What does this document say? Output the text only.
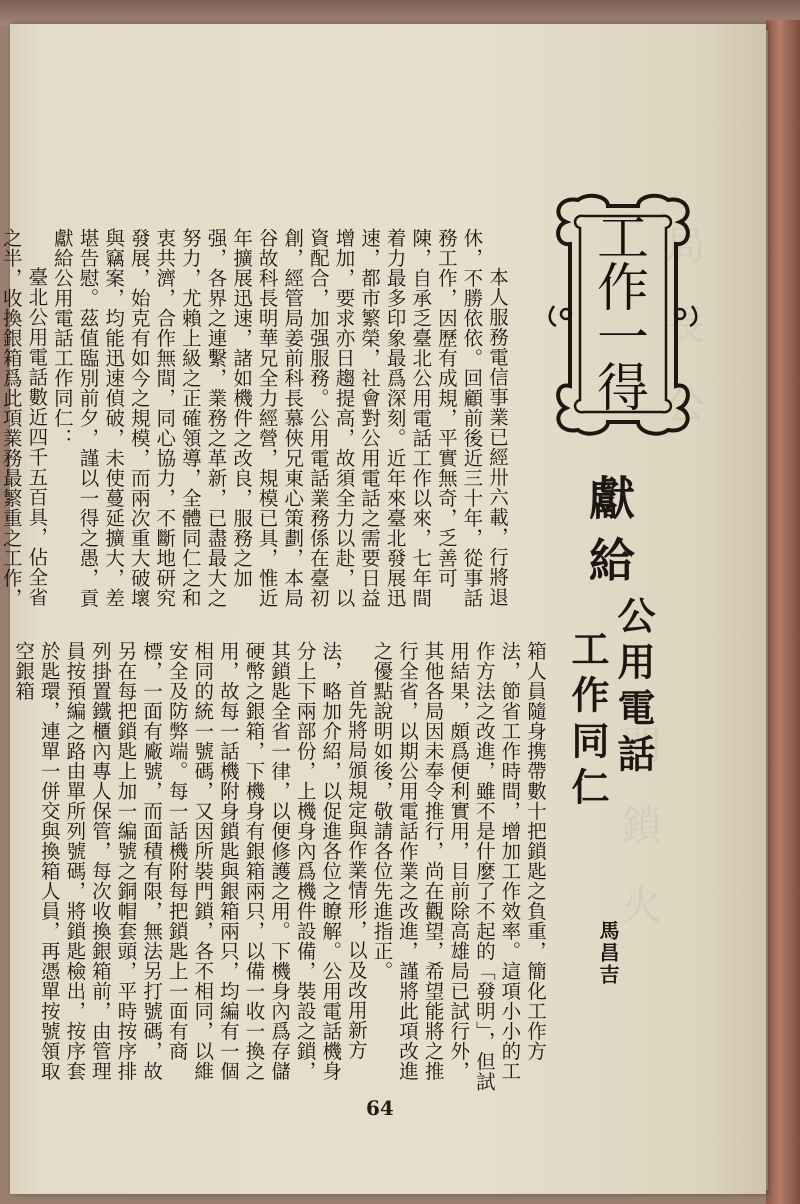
局　長　公
門　鎖　火
工
作
一
得
獻給
公用電話
工作同仁
馬昌吉
本人服務電信事業已經卅六載，行將退休，不勝依依。回顧前後近三十年，從事話務工作，因歷有成規，平實無奇，乏善可陳，自承乏臺北公用電話工作以來，七年間着力最多印象最爲深刻。近年來臺北發展迅速，都市繁榮，社會對公用電話之需要日益增加，要求亦日趨提高，故須全力以赴，以資配合，加强服務。公用電話業務係在臺初創，經管局姜前科長慕俠兄東心策劃，本局谷故科長明華兄全力經營，規模已具，惟近年擴展迅速，諸如機件之改良，服務之加强，各界之連繫，業務之革新，已盡最大之努力，尤賴上級之正確領導，全體同仁之和衷共濟，合作無間，同心協力，不斷地研究發展，始克有如今之規模，而兩次重大破壞與竊案，均能迅速偵破，未使蔓延擴大，差堪告慰。茲值臨別前夕，謹以一得之愚，貢獻給公用電話工作同仁：
臺北公用電話數近四千五百具，佔全省之半，收換銀箱爲此項業務最繁重之工作，
箱人員隨身携帶數十把鎖匙之負重，簡化工作方法，節省工作時間，增加工作效率。這項小小的工作方法之改進，雖不是什麼了不起的「發明」，但試用結果，頗爲便利實用，目前除高雄局已試行外，其他各局因未奉令推行，尚在觀望，希望能將之推行全省，以期公用電話作業之改進，謹將此項改進之優點說明如後，敬請各位先進指正。
首先將局頒規定與作業情形，以及改用新方法，略加介紹，以促進各位之瞭解。公用電話機身分上下兩部份，上機身內爲機件設備，裝設之鎖，其鎖匙全省一律，以便修護之用。下機身內爲存儲硬幣之銀箱，下機身有銀箱兩只，以備一收一換之用，故每一話機附身鎖匙與銀箱兩只，均編有一個相同的統一號碼，又因所裝門鎖，各不相同，以維安全及防弊端。每一話機附每把鎖匙上一面有商標，一面有廠號，而面積有限，無法另打號碼，故另在每把鎖匙上加一編號之銅帽套頭，平時按序排列掛置鐵櫃內專人保管，每次收換銀箱前，由管理員按預編之路由單所列號碼，將鎖匙檢出，按序套於匙環，連單一併交與換箱人員，再憑單按號領取空銀箱
64
